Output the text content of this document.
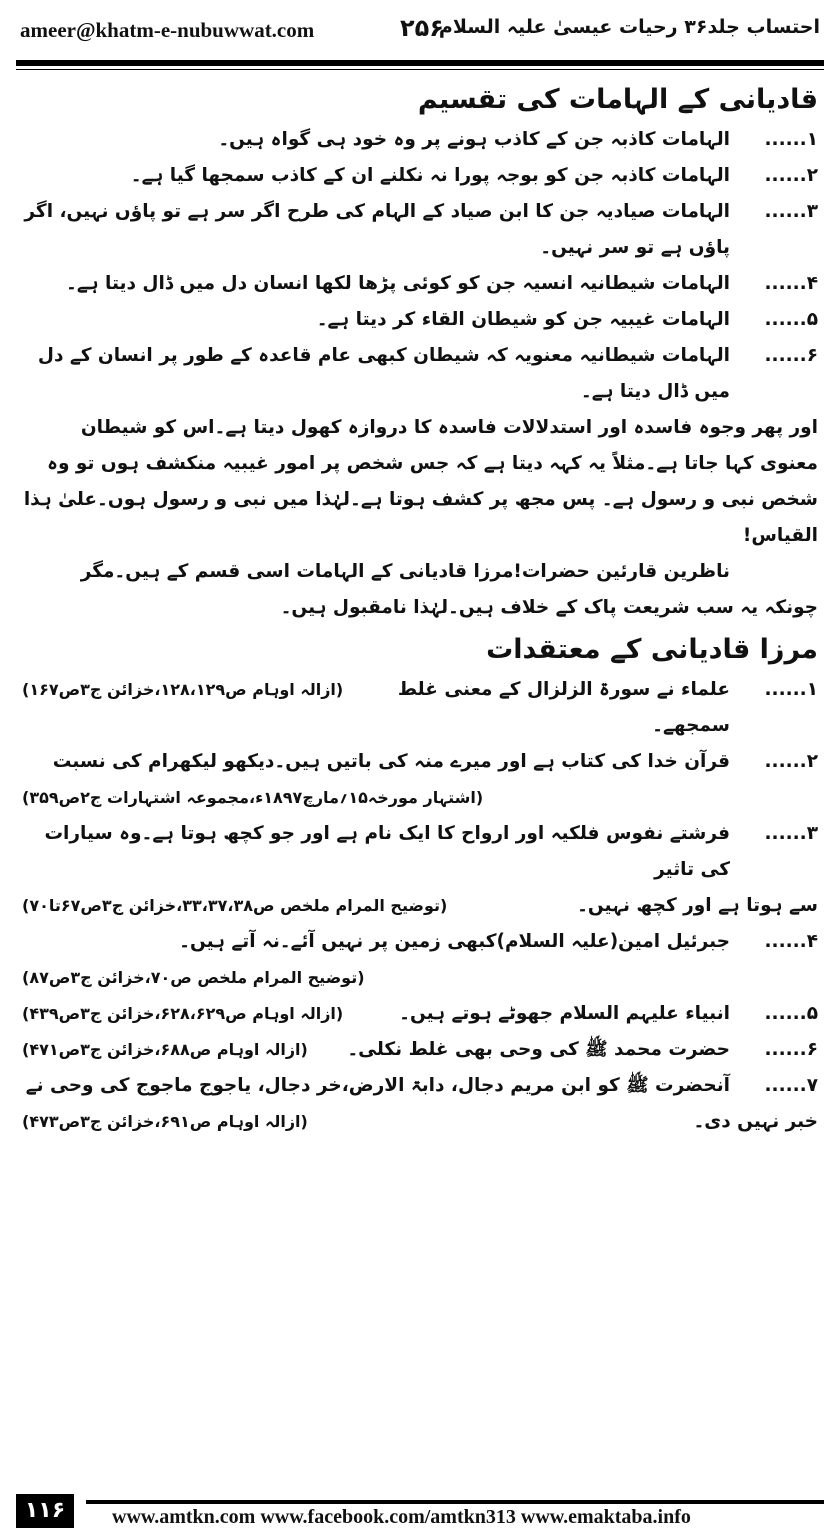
ameer@khatm-e-nubuwwat.com	۲۵۶
احتساب جلد۳۶ رحیات عیسیٰ علیہ السلام
قادیانی کے الہامات کی تقسیم
۱......
الہامات کاذبہ جن کے کاذب ہونے پر وہ خود ہی گواہ ہیں۔
۲......
الہامات کاذبہ جن کو بوجہ پورا نہ نکلنے ان کے کاذب سمجھا گیا ہے۔
۳......
الہامات صیادیہ جن کا ابن صیاد کے الہام کی طرح اگر سر ہے تو پاؤں نہیں، اگر پاؤں ہے تو سر نہیں۔
۴......
الہامات شیطانیہ انسیہ جن کو کوئی پڑھا لکھا انسان دل میں ڈال دیتا ہے۔
۵......
الہامات غیبیہ جن کو شیطان القاء کر دیتا ہے۔
۶......
الہامات شیطانیہ معنویہ کہ شیطان کبھی عام قاعدہ کے طور پر انسان کے دل میں ڈال دیتا ہے۔

اور پھر وجوہ فاسدہ اور استدلالات فاسدہ کا دروازہ کھول دیتا ہے۔اس کو شیطان معنوی کہا جاتا ہے۔مثلاً یہ کہہ دیتا ہے کہ جس شخص پر امور غیبیہ منکشف ہوں تو وہ شخص نبی و رسول ہے۔ پس مجھ پر کشف ہوتا ہے۔لہٰذا میں نبی و رسول ہوں۔علیٰ ہذا القیاس!

ناظرین قارئین حضرات!مرزا قادیانی کے الہامات اسی قسم کے ہیں۔مگر چونکہ یہ سب شریعت پاک کے خلاف ہیں۔لہٰذا نامقبول ہیں۔

مرزا قادیانی کے معتقدات
۱......
علماء نے سورۃ الزلزال کے معنی غلط سمجھے۔
(ازالہ اوہام ص۱۲۸،۱۲۹،خزائن ج۳ص۱۶۷)
۲......
قرآن خدا کی کتاب ہے اور میرے منہ کی باتیں ہیں۔دیکھو لیکھرام کی نسبت
(اشتہار مورخہ۱۵؍مارچ۱۸۹۷ء،مجموعہ اشتہارات ج۲ص۳۵۹)
۳......
فرشتے نفوس فلکیہ اور ارواح کا ایک نام ہے اور جو کچھ ہوتا ہے۔وہ سیارات کی تاثیر
سے ہوتا ہے اور کچھ نہیں۔
(توضیح المرام ملخص ص۳۳،۳۷،۳۸،خزائن ج۳ص۶۷تا۷۰)
۴......
جبرئیل امین(علیہ السلام)کبھی زمین پر نہیں آئے۔نہ آتے ہیں۔
(توضیح المرام ملخص ص۷۰،خزائن ج۳ص۸۷)
۵......
انبیاء علیہم السلام جھوٹے ہوتے ہیں۔
(ازالہ اوہام ص۶۲۸،۶۲۹،خزائن ج۳ص۴۳۹)
۶......
حضرت محمد ﷺ کی وحی بھی غلط نکلی۔
(ازالہ اوہام ص۶۸۸،خزائن ج۳ص۴۷۱)
۷......
آنحضرت ﷺ کو ابن مریم دجال، دابۃ الارض،خر دجال، یاجوج ماجوج کی وحی نے
خبر نہیں دی۔
(ازالہ اوہام ص۶۹۱،خزائن ج۳ص۴۷۳)
۱۱۶	www.amtkn.com www.facebook.com/amtkn313 www.emaktaba.info
